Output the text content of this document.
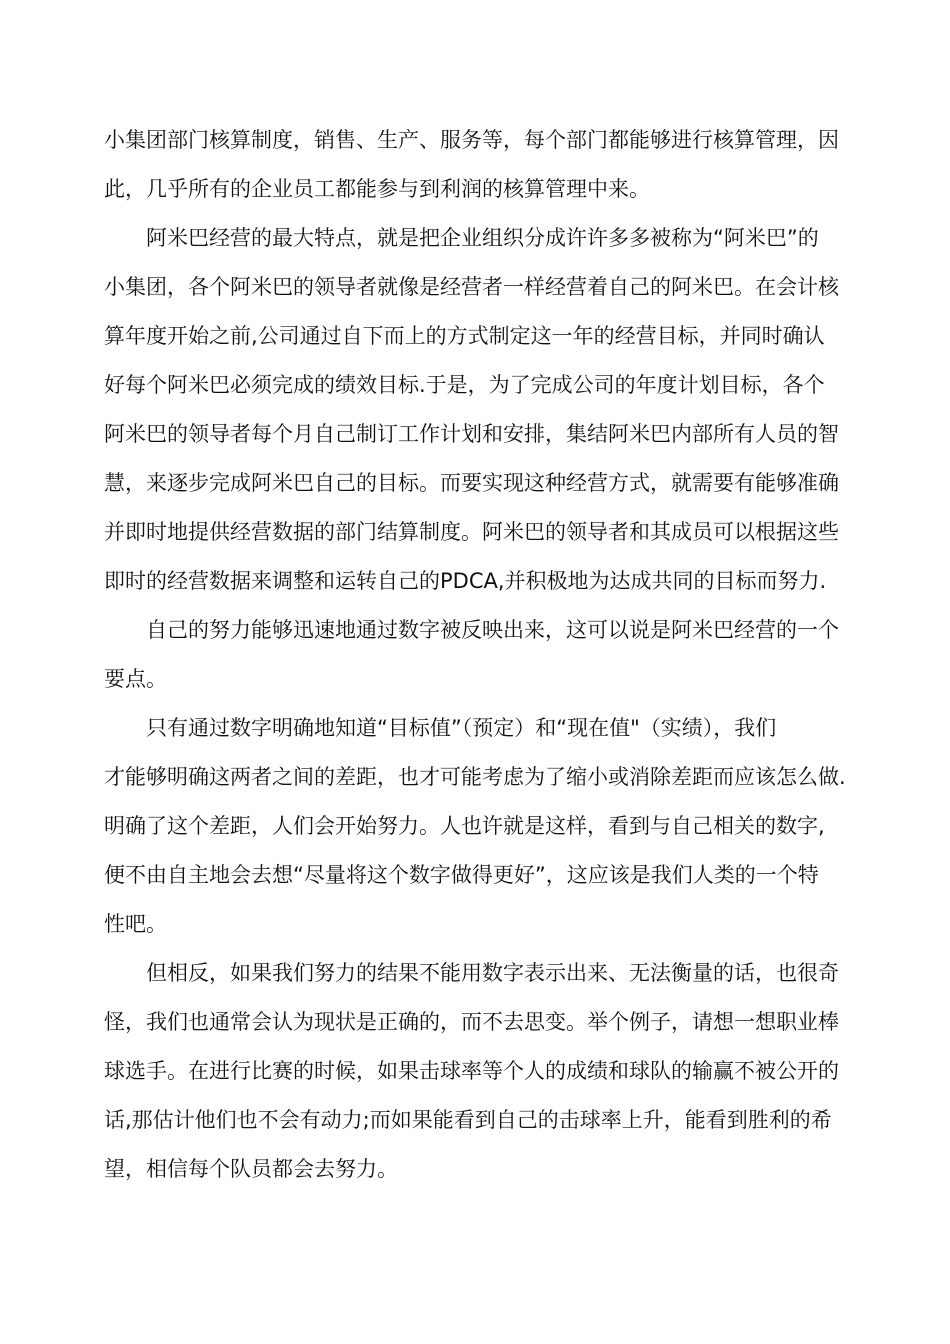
小集团部门核算制度，销售、生产、服务等，每个部门都能够进行核算管理，因
此，几乎所有的企业员工都能参与到利润的核算管理中来。
阿米巴经营的最大特点，就是把企业组织分成许许多多被称为“阿米巴”的
小集团，各个阿米巴的领导者就像是经营者一样经营着自己的阿米巴。在会计核
算年度开始之前,公司通过自下而上的方式制定这一年的经营目标，并同时确认
好每个阿米巴必须完成的绩效目标.于是，为了完成公司的年度计划目标，各个
阿米巴的领导者每个月自己制订工作计划和安排，集结阿米巴内部所有人员的智
慧，来逐步完成阿米巴自己的目标。而要实现这种经营方式，就需要有能够准确
并即时地提供经营数据的部门结算制度。阿米巴的领导者和其成员可以根据这些
即时的经营数据来调整和运转自己的PDCA,并积极地为达成共同的目标而努力.
自己的努力能够迅速地通过数字被反映出来，这可以说是阿米巴经营的一个
要点。
只有通过数字明确地知道“目标值”（预定）和“现在值"（实绩），我们
才能够明确这两者之间的差距，也才可能考虑为了缩小或消除差距而应该怎么做.
明确了这个差距，人们会开始努力。人也许就是这样，看到与自己相关的数字,
便不由自主地会去想“尽量将这个数字做得更好”，这应该是我们人类的一个特
性吧。
但相反，如果我们努力的结果不能用数字表示出来、无法衡量的话，也很奇
怪，我们也通常会认为现状是正确的，而不去思变。举个例子，请想一想职业棒
球选手。在进行比赛的时候，如果击球率等个人的成绩和球队的输赢不被公开的
话,那估计他们也不会有动力;而如果能看到自己的击球率上升，能看到胜利的希
望，相信每个队员都会去努力。
